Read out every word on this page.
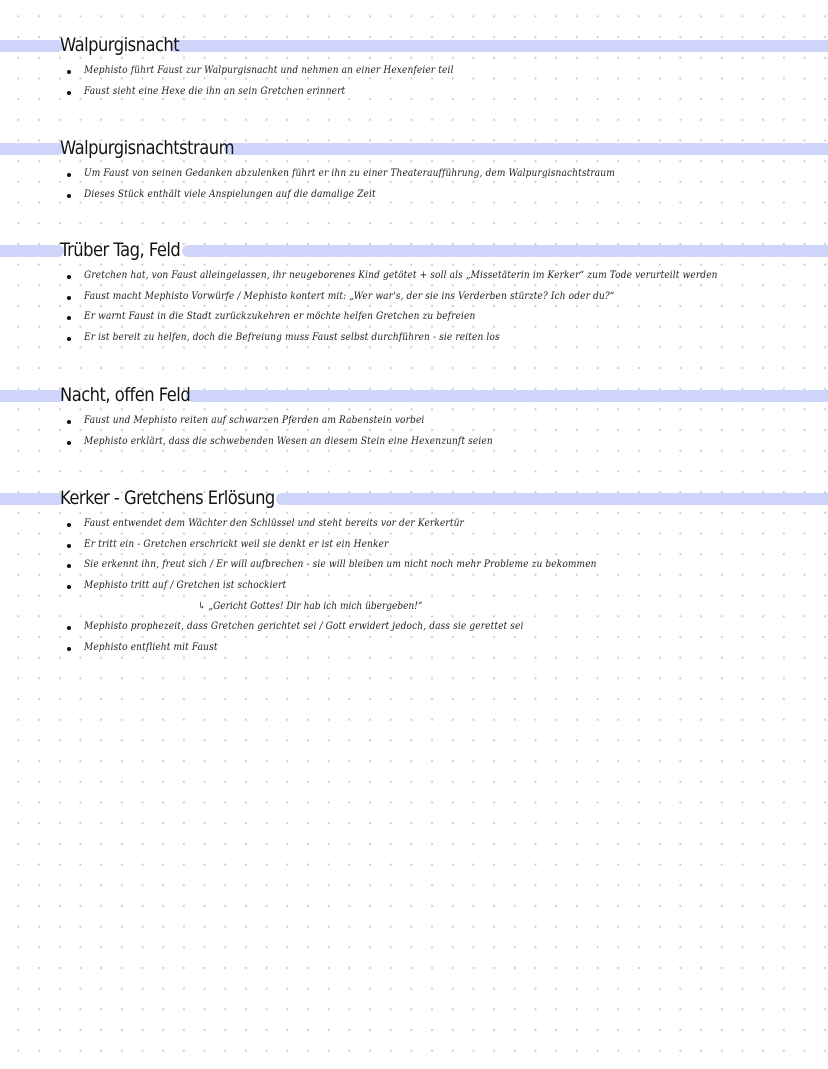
Walpurgisnacht
Mephisto führt Faust zur Walpurgisnacht und nehmen an einer Hexenfeier teil
Faust sieht eine Hexe die ihn an sein Gretchen erinnert
Walpurgisnachtstraum
Um Faust von seinen Gedanken abzulenken führt er ihn zu einer Theateraufführung, dem Walpurgisnachtstraum
Dieses Stück enthält viele Anspielungen auf die damalige Zeit
Trüber Tag, Feld
Gretchen hat, von Faust alleingelassen, ihr neugeborenes Kind getötet + soll als „Missetäterin im Kerker“ zum Tode verurteilt werden
Faust macht Mephisto Vorwürfe / Mephisto kontert mit: „Wer war's, der sie ins Verderben stürzte? Ich oder du?“
Er warnt Faust in die Stadt zurückzukehren er möchte helfen Gretchen zu befreien
Er ist bereit zu helfen, doch die Befreiung muss Faust selbst durchführen - sie reiten los
Nacht, offen Feld
Faust und Mephisto reiten auf schwarzen Pferden am Rabenstein vorbei
Mephisto erklärt, dass die schwebenden Wesen an diesem Stein eine Hexenzunft seien
Kerker - Gretchens Erlösung
Faust entwendet dem Wächter den Schlüssel und steht bereits vor der Kerkertür
Er tritt ein - Gretchen erschrickt weil sie denkt er ist ein Henker
Sie erkennt ihn, freut sich / Er will aufbrechen - sie will bleiben um nicht noch mehr Probleme zu bekommen
Mephisto tritt auf / Gretchen ist schockiert
↳ „Gericht Gottes! Dir hab ich mich übergeben!“
Mephisto prophezeit, dass Gretchen gerichtet sei / Gott erwidert jedoch, dass sie gerettet sei
Mephisto entflieht mit Faust
